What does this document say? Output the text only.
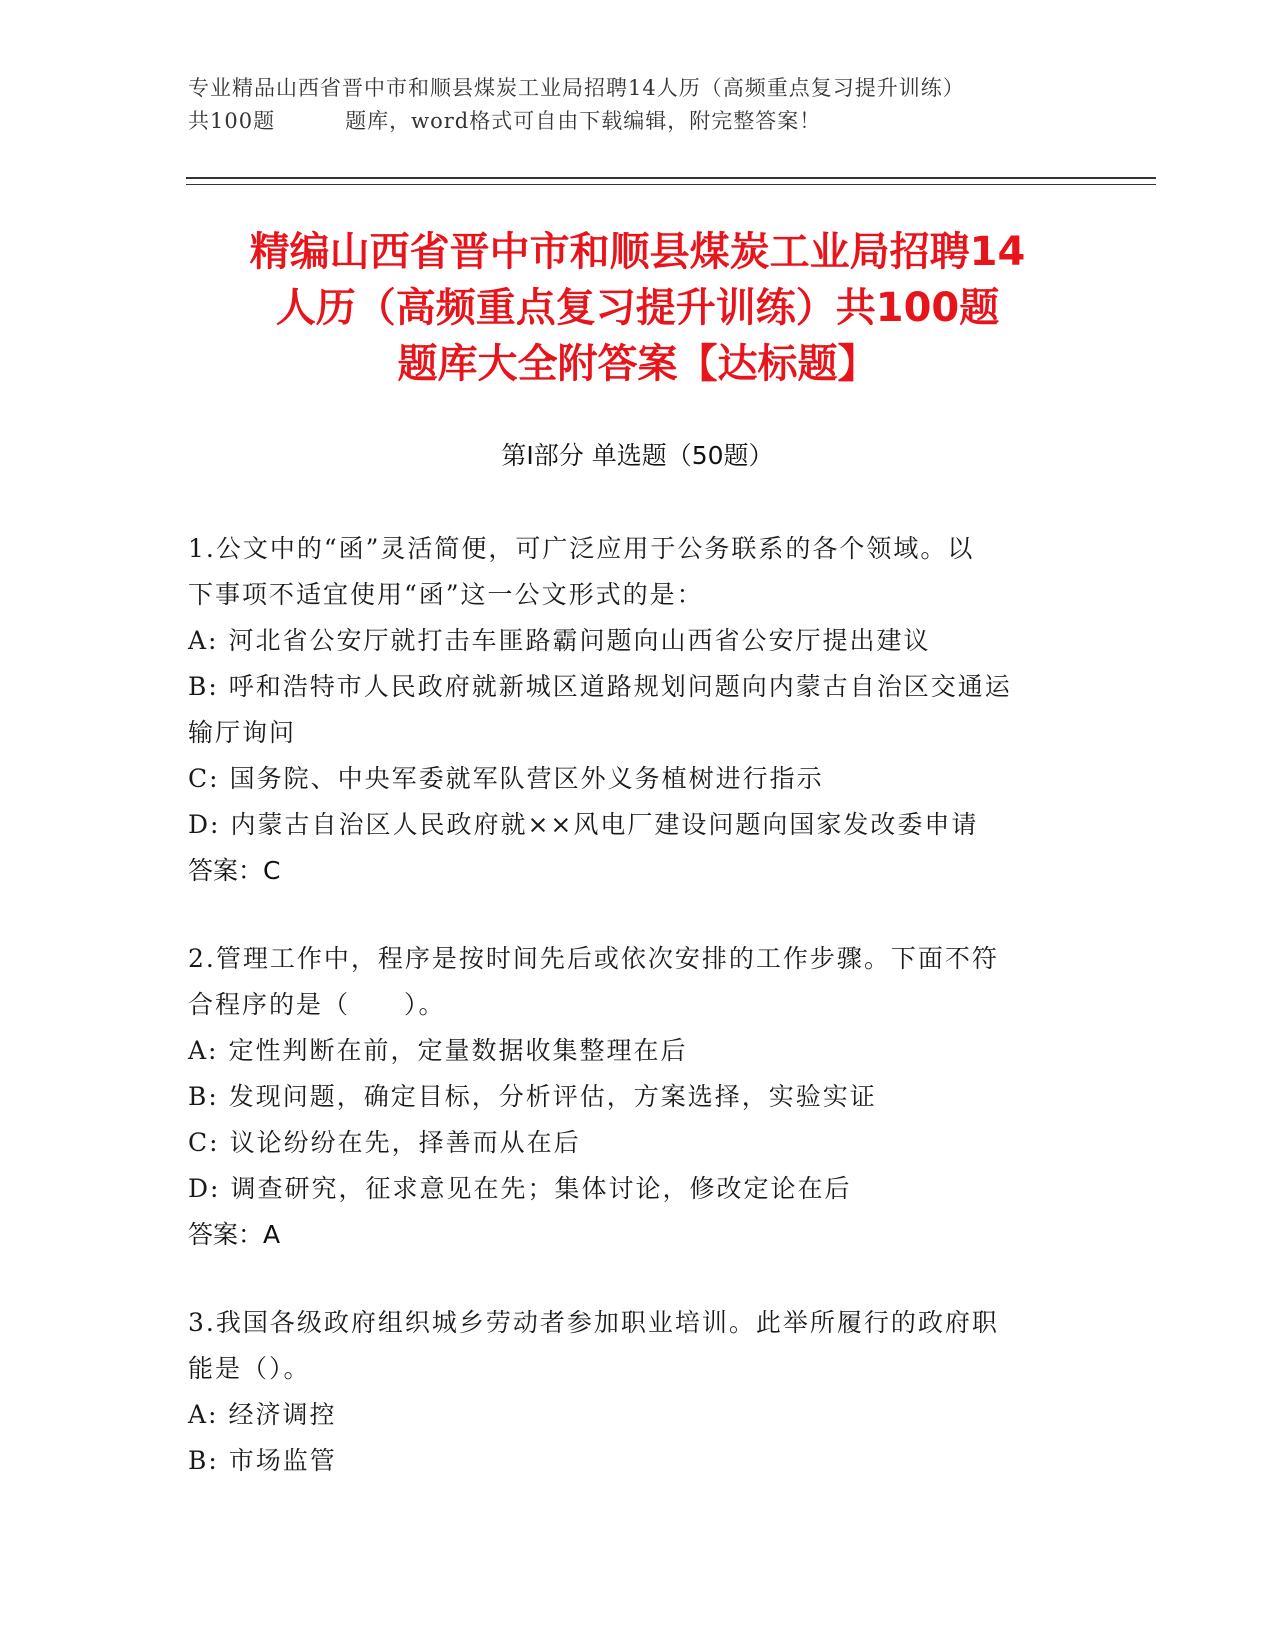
专业精品山西省晋中市和顺县煤炭工业局招聘14人历（高频重点复习提升训练）
共100题	题库，word格式可自由下载编辑，附完整答案！
精编山西省晋中市和顺县煤炭工业局招聘14
人历（高频重点复习提升训练）共100题
题库大全附答案【达标题】
第Ⅰ部分 单选题（50题）

1.公文中的“函”灵活简便，可广泛应用于公务联系的各个领域。以

下事项不适宜使用“函”这一公文形式的是：

A: 河北省公安厅就打击车匪路霸问题向山西省公安厅提出建议

B: 呼和浩特市人民政府就新城区道路规划问题向内蒙古自治区交通运

输厅询问

C: 国务院、中央军委就军队营区外义务植树进行指示

D: 内蒙古自治区人民政府就××风电厂建设问题向国家发改委申请

答案：C

2.管理工作中，程序是按时间先后或依次安排的工作步骤。下面不符

合程序的是（　　）。

A: 定性判断在前，定量数据收集整理在后

B: 发现问题，确定目标，分析评估，方案选择，实验实证

C: 议论纷纷在先，择善而从在后

D: 调查研究，征求意见在先；集体讨论，修改定论在后

答案：A

3.我国各级政府组织城乡劳动者参加职业培训。此举所履行的政府职

能是（）。

A: 经济调控

B: 市场监管
